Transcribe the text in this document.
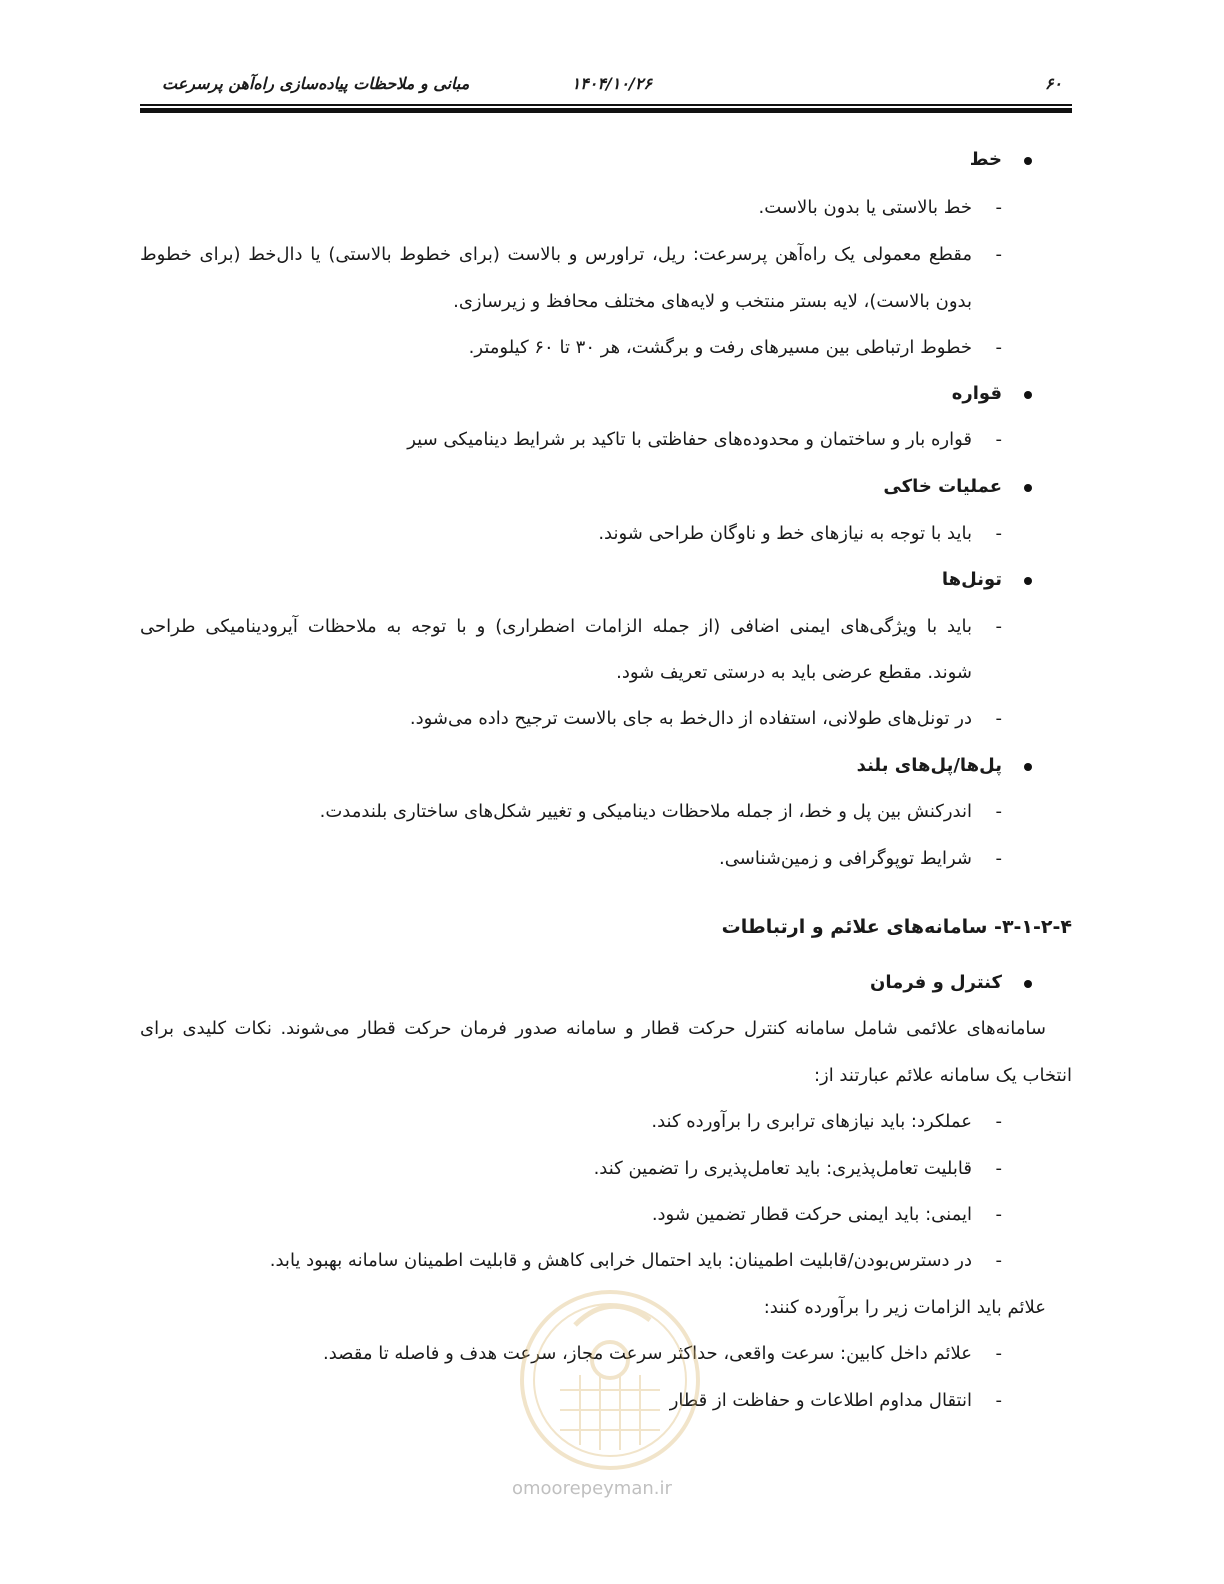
۶۰
۱۴۰۴/۱۰/۲۶
مبانی و ملاحظات پیاده‌سازی راه‌آهن پرسرعت
خط
-
خط بالاستی یا بدون بالاست.
-
مقطع معمولی یک راه‌آهن پرسرعت: ریل، تراورس و بالاست (برای خطوط بالاستی) یا دال‌خط (برای خطوط
بدون بالاست)، لایه بستر منتخب و لایه‌های مختلف محافظ و زیرسازی.
-
خطوط ارتباطی بین مسیرهای رفت و برگشت، هر ۳۰ تا ۶۰ کیلومتر.
قواره
-
قواره بار و ساختمان و محدوده‌های حفاظتی با تاکید بر شرایط دینامیکی سیر
عملیات خاکی
-
باید با توجه به نیازهای خط و ناوگان طراحی شوند.
تونل‌ها
-
باید با ویژگی‌های ایمنی اضافی (از جمله الزامات اضطراری) و با توجه به ملاحظات آیرودینامیکی طراحی
شوند. مقطع عرضی باید به درستی تعریف شود.
-
در تونل‌های طولانی، استفاده از دال‌خط به جای بالاست ترجیح داده می‌شود.
پل‌ها/پل‌های بلند
-
اندرکنش بین پل و خط، از جمله ملاحظات دینامیکی و تغییر شکل‌های ساختاری بلندمدت.
-
شرایط توپوگرافی و زمین‌شناسی.
۳-۱-۲-۴- سامانه‌های علائم و ارتباطات
کنترل و فرمان
سامانه‌های علائمی شامل سامانه کنترل حرکت قطار و سامانه صدور فرمان حرکت قطار می‌شوند. نکات کلیدی برای
انتخاب یک سامانه علائم عبارتند از:
-
عملکرد: باید نیازهای ترابری را برآورده کند.
-
قابلیت تعامل‌پذیری: باید تعامل‌پذیری را تضمین کند.
-
ایمنی: باید ایمنی حرکت قطار تضمین شود.
-
در دسترس‌بودن/قابلیت اطمینان: باید احتمال خرابی کاهش و قابلیت اطمینان سامانه بهبود یابد.
علائم باید الزامات زیر را برآورده کنند:
-
علائم داخل کابین: سرعت واقعی، حداکثر سرعت مجاز، سرعت هدف و فاصله تا مقصد.
-
انتقال مداوم اطلاعات و حفاظت از قطار
omoorepeyman.ir
